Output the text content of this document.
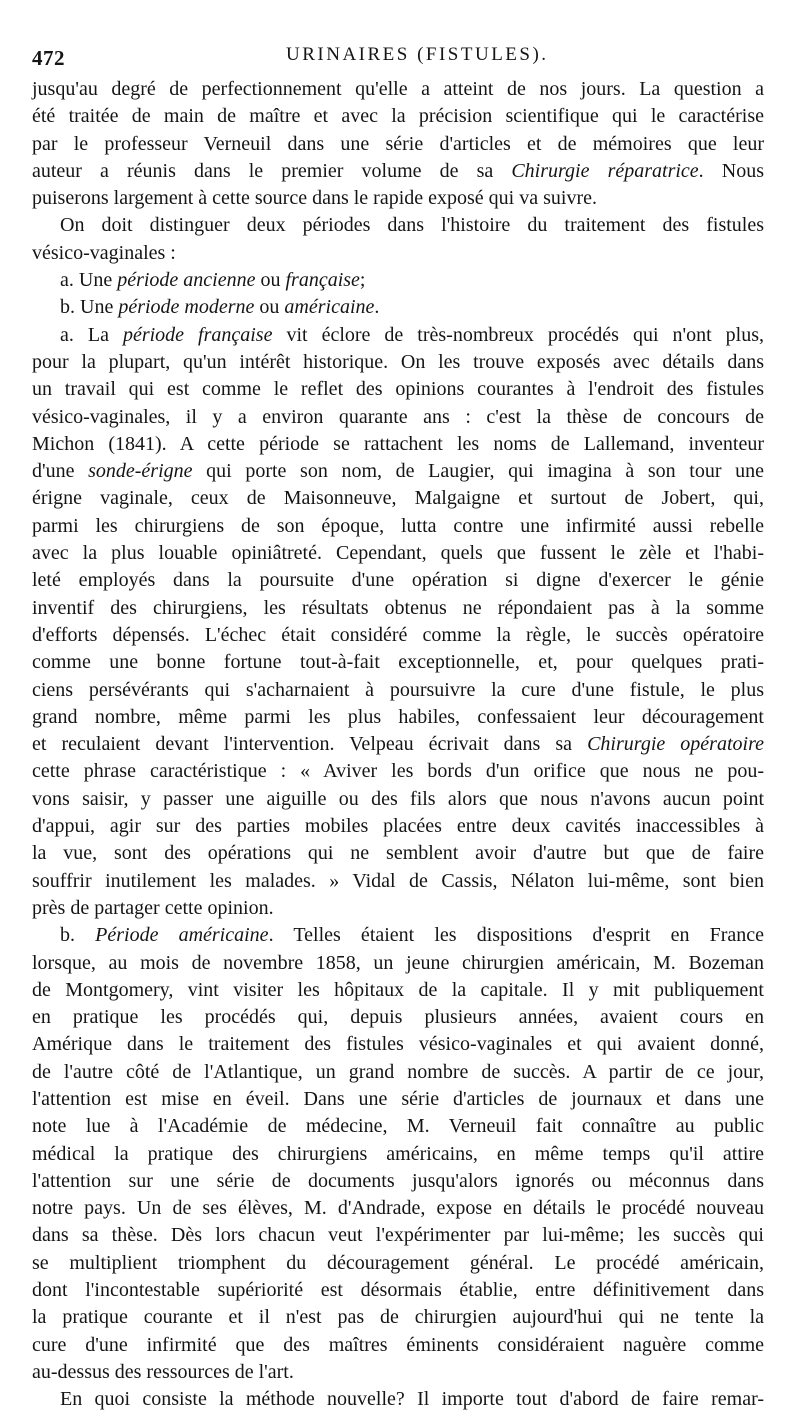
472	URINAIRES (FISTULES).
jusqu'au degré de perfectionnement qu'elle a atteint de nos jours. La question a
été traitée de main de maître et avec la précision scientifique qui le caractérise
par le professeur Verneuil dans une série d'articles et de mémoires que leur
auteur a réunis dans le premier volume de sa Chirurgie réparatrice. Nous
puiserons largement à cette source dans le rapide exposé qui va suivre.
On doit distinguer deux périodes dans l'histoire du traitement des fistules
vésico-vaginales :
a. Une période ancienne ou française;
b. Une période moderne ou américaine.
a. La période française vit éclore de très-nombreux procédés qui n'ont plus,
pour la plupart, qu'un intérêt historique. On les trouve exposés avec détails dans
un travail qui est comme le reflet des opinions courantes à l'endroit des fistules
vésico-vaginales, il y a environ quarante ans : c'est la thèse de concours de
Michon (1841). A cette période se rattachent les noms de Lallemand, inventeur
d'une sonde-érigne qui porte son nom, de Laugier, qui imagina à son tour une
érigne vaginale, ceux de Maisonneuve, Malgaigne et surtout de Jobert, qui,
parmi les chirurgiens de son époque, lutta contre une infirmité aussi rebelle
avec la plus louable opiniâtreté. Cependant, quels que fussent le zèle et l'habi-
leté employés dans la poursuite d'une opération si digne d'exercer le génie
inventif des chirurgiens, les résultats obtenus ne répondaient pas à la somme
d'efforts dépensés. L'échec était considéré comme la règle, le succès opératoire
comme une bonne fortune tout-à-fait exceptionnelle, et, pour quelques prati-
ciens persévérants qui s'acharnaient à poursuivre la cure d'une fistule, le plus
grand nombre, même parmi les plus habiles, confessaient leur découragement
et reculaient devant l'intervention. Velpeau écrivait dans sa Chirurgie opératoire
cette phrase caractéristique : « Aviver les bords d'un orifice que nous ne pou-
vons saisir, y passer une aiguille ou des fils alors que nous n'avons aucun point
d'appui, agir sur des parties mobiles placées entre deux cavités inaccessibles à
la vue, sont des opérations qui ne semblent avoir d'autre but que de faire
souffrir inutilement les malades. » Vidal de Cassis, Nélaton lui-même, sont bien
près de partager cette opinion.
b. Période américaine. Telles étaient les dispositions d'esprit en France
lorsque, au mois de novembre 1858, un jeune chirurgien américain, M. Bozeman
de Montgomery, vint visiter les hôpitaux de la capitale. Il y mit publiquement
en pratique les procédés qui, depuis plusieurs années, avaient cours en
Amérique dans le traitement des fistules vésico-vaginales et qui avaient donné,
de l'autre côté de l'Atlantique, un grand nombre de succès. A partir de ce jour,
l'attention est mise en éveil. Dans une série d'articles de journaux et dans une
note lue à l'Académie de médecine, M. Verneuil fait connaître au public
médical la pratique des chirurgiens américains, en même temps qu'il attire
l'attention sur une série de documents jusqu'alors ignorés ou méconnus dans
notre pays. Un de ses élèves, M. d'Andrade, expose en détails le procédé nouveau
dans sa thèse. Dès lors chacun veut l'expérimenter par lui-même; les succès qui
se multiplient triomphent du découragement général. Le procédé américain,
dont l'incontestable supériorité est désormais établie, entre définitivement dans
la pratique courante et il n'est pas de chirurgien aujourd'hui qui ne tente la
cure d'une infirmité que des maîtres éminents considéraient naguère comme
au-dessus des ressources de l'art.
En quoi consiste la méthode nouvelle? Il importe tout d'abord de faire remar-
